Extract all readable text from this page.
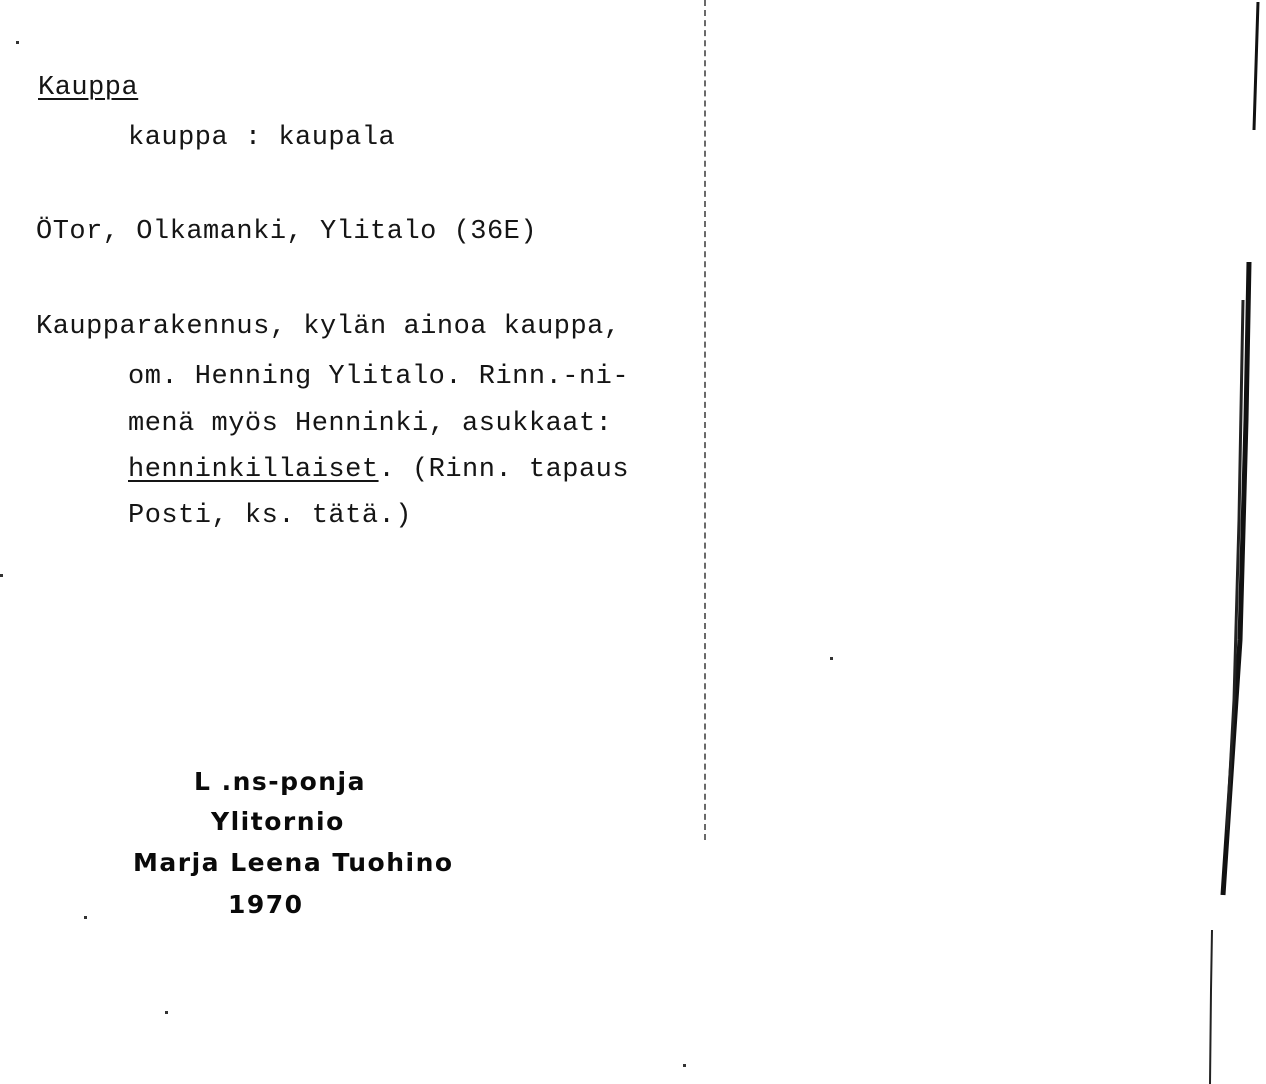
Kauppa
kauppa : kaupala
ÖTor, Olkamanki, Ylitalo (36E)
Kaupparakennus, kylän ainoa kauppa,
om. Henning Ylitalo. Rinn.-ni-
menä myös Henninki, asukkaat:
henninkillaiset. (Rinn. tapaus
Posti, ks. tätä.)
L .ns-ponja
Ylitornio
Marja Leena Tuohino
1970
